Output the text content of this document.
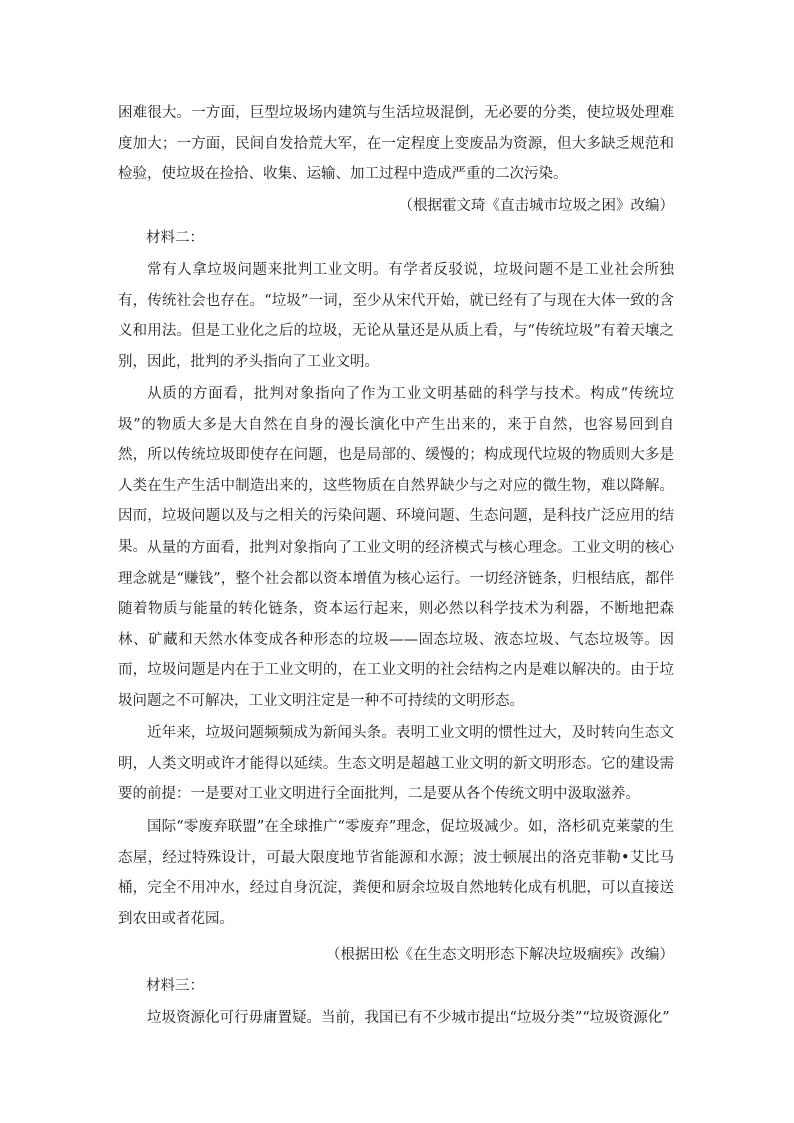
困难很大。一方面，巨型垃圾场内建筑与生活垃圾混倒，无必要的分类，使垃圾处理难度加大；一方面，民间自发拾荒大军，在一定程度上变废品为资源，但大多缺乏规范和检验，使垃圾在捡拾、收集、运输、加工过程中造成严重的二次污染。

（根据霍文琦《直击城市垃圾之困》改编）

材料二：

常有人拿垃圾问题来批判工业文明。有学者反驳说，垃圾问题不是工业社会所独有，传统社会也存在。“垃圾”一词，至少从宋代开始，就已经有了与现在大体一致的含义和用法。但是工业化之后的垃圾，无论从量还是从质上看，与“传统垃圾”有着天壤之别，因此，批判的矛头指向了工业文明。

从质的方面看，批判对象指向了作为工业文明基础的科学与技术。构成“传统垃圾”的物质大多是大自然在自身的漫长演化中产生出来的，来于自然，也容易回到自然，所以传统垃圾即使存在问题，也是局部的、缓慢的；构成现代垃圾的物质则大多是人类在生产生活中制造出来的，这些物质在自然界缺少与之对应的微生物，难以降解。因而，垃圾问题以及与之相关的污染问题、环境问题、生态问题，是科技广泛应用的结果。 从量的方面看，批判对象指向了工业文明的经济模式与核心理念。工业文明的核心理念就是“赚钱”，整个社会都以资本增值为核心运行。一切经济链条，归根结底，都伴随着物质与能量的转化链条，资本运行起来，则必然以科学技术为利器，不断地把森林、矿藏和天然水体变成各种形态的垃圾——固态垃圾、液态垃圾、气态垃圾等。因而，垃圾问题是内在于工业文明的，在工业文明的社会结构之内是难以解决的。由于垃圾问题之不可解决，工业文明注定是一种不可持续的文明形态。

近年来，垃圾问题频频成为新闻头条。表明工业文明的惯性过大，及时转向生态文明，人类文明或许才能得以延续。生态文明是超越工业文明的新文明形态。它的建设需要的前提：一是要对工业文明进行全面批判，二是要从各个传统文明中汲取滋养。

国际“零废弃联盟”在全球推广“零废弃”理念，促垃圾减少。如，洛杉矶克莱蒙的生态屋，经过特殊设计，可最大限度地节省能源和水源；波士顿展出的洛克菲勒•艾比马桶，完全不用冲水，经过自身沉淀，粪便和厨余垃圾自然地转化成有机肥，可以直接送到农田或者花园。

（根据田松《在生态文明形态下解决垃圾痼疾》改编）

材料三：

垃圾资源化可行毋庸置疑。当前，我国已有不少城市提出“垃圾分类”“垃圾资源化”
